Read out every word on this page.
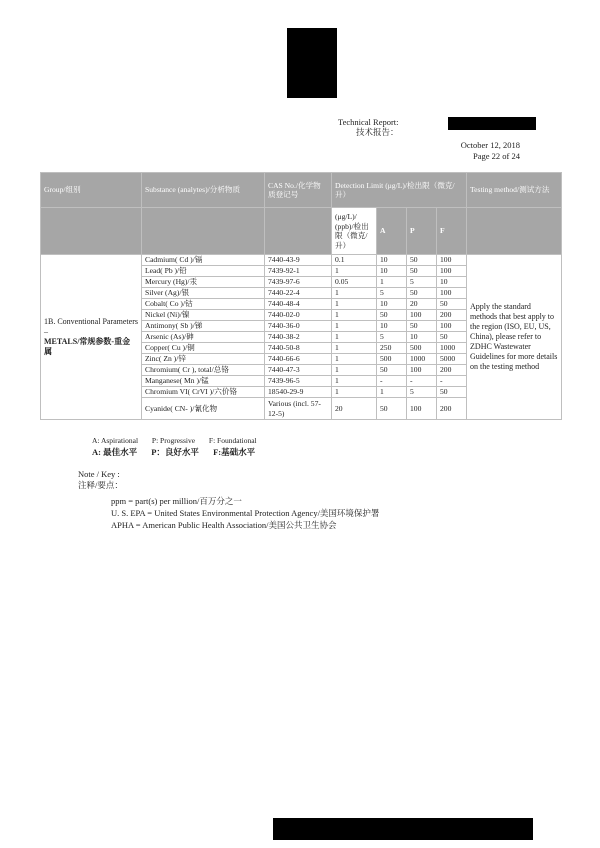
Technical Report:
技术报告：
October 12, 2018
Page 22 of 24
Group/组别	Substance (analytes)/分析物质	CAS No./化学物质登记号	Detection Limit (μg/L)/检出限（微克/升）				Testing method/测试方法
			(μg/L)/ (ppb)/检出限（微克/升）	A	P	F	
1B. Conventional Parameters –
METALS/常规参数-重金属	Cadmium( Cd )/镉	7440-43-9	0.1	10	50	100	Apply the standard methods that best apply to the region (ISO, EU, US, China), please refer to ZDHC Wastewater Guidelines for more details on the testing method
	Lead( Pb )/铅	7439-92-1	1	10	50	100	
	Mercury (Hg)/汞	7439-97-6	0.05	1	5	10	
	Silver (Ag)/银	7440-22-4	1	5	50	100	
	Cobalt( Co )/钴	7440-48-4	1	10	20	50	
	Nickel (Ni)/镍	7440-02-0	1	50	100	200	
	Antimony( Sb )/锑	7440-36-0	1	10	50	100	
	Arsenic (As)/砷	7440-38-2	1	5	10	50	
	Copper( Cu )/铜	7440-50-8	1	250	500	1000	
	Zinc( Zn )/锌	7440-66-6	1	500	1000	5000	
	Chromium( Cr ), total/总铬	7440-47-3	1	50	100	200	
	Manganese( Mn )/锰	7439-96-5	1	-	-	-	
	Chromium VI( CrVI )/六价铬	18540-29-9	1	1	5	50	
	Cyanide( CN- )/氰化物	Various (incl. 57-12-5)	20	50	100	200	
A: Aspirational P: Progressive F: Foundational
A: 最佳水平 P：良好水平 F:基础水平
Note / Key :
注释/要点：
ppm = part(s) per million/百万分之一
U. S. EPA = United States Environmental Protection Agency/美国环境保护署
APHA = American Public Health Association/美国公共卫生协会
